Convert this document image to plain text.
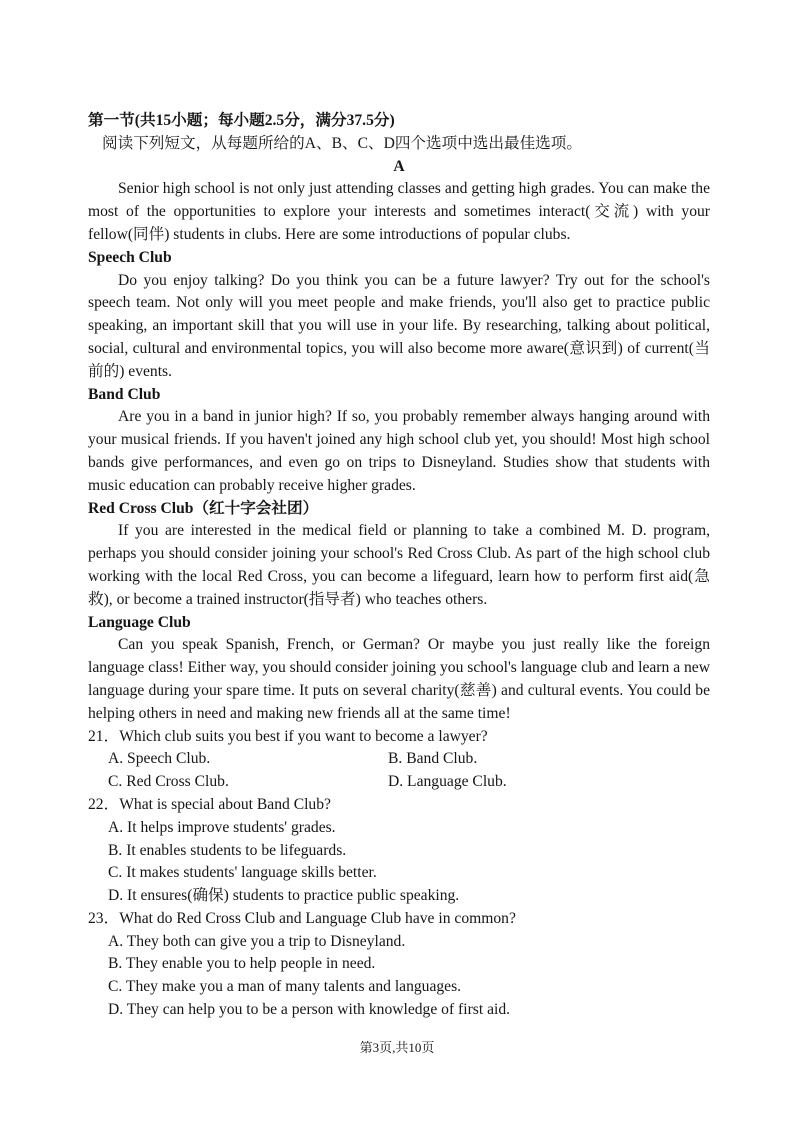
第一节(共15小题；每小题2.5分，满分37.5分)

阅读下列短文，从每题所给的A、B、C、D四个选项中选出最佳选项。

A

Senior high school is not only just attending classes and getting high grades. You can make the most of the opportunities to explore your interests and sometimes interact(交流) with your fellow(同伴) students in clubs. Here are some introductions of popular clubs.

Speech Club

Do you enjoy talking? Do you think you can be a future lawyer? Try out for the school's speech team. Not only will you meet people and make friends, you'll also get to practice public speaking, an important skill that you will use in your life. By researching, talking about political, social, cultural and environmental topics, you will also become more aware(意识到) of current(当前的) events.

Band Club

Are you in a band in junior high? If so, you probably remember always hanging around with your musical friends. If you haven't joined any high school club yet, you should! Most high school bands give performances, and even go on trips to Disneyland. Studies show that students with music education can probably receive higher grades.

Red Cross Club（红十字会社团）

If you are interested in the medical field or planning to take a combined M. D. program, perhaps you should consider joining your school's Red Cross Club. As part of the high school club working with the local Red Cross, you can become a lifeguard, learn how to perform first aid(急救), or become a trained instructor(指导者) who teaches others.

Language Club

Can you speak Spanish, French, or German? Or maybe you just really like the foreign language class! Either way, you should consider joining you school's language club and learn a new language during your spare time. It puts on several charity(慈善) and cultural events. You could be helping others in need and making new friends all at the same time!

21．Which club suits you best if you want to become a lawyer?

A. Speech Club.	B. Band Club.
C. Red Cross Club.	D. Language Club.

22．What is special about Band Club?

A. It helps improve students' grades.
B. It enables students to be lifeguards.
C. It makes students' language skills better.
D. It ensures(确保) students to practice public speaking.

23．What do Red Cross Club and Language Club have in common?

A. They both can give you a trip to Disneyland.
B. They enable you to help people in need.
C. They make you a man of many talents and languages.
D. They can help you to be a person with knowledge of first aid.
第3页,共10页
